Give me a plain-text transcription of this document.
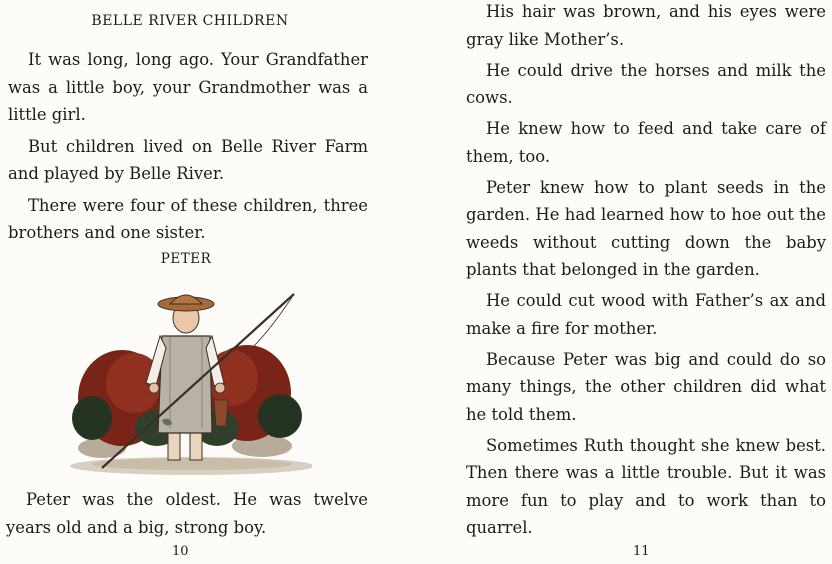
BELLE RIVER CHILDREN

It was long, long ago. Your Grandfather was a little boy, your Grandmother was a little girl.

But children lived on Belle River Farm and played by Belle River.

There were four of these children, three brothers and one sister.

PETER

Peter was the oldest. He was twelve years old and a big, strong boy.

10

His hair was brown, and his eyes were gray like Mother’s.

He could drive the horses and milk the cows.

He knew how to feed and take care of them, too.

Peter knew how to plant seeds in the garden. He had learned how to hoe out the weeds without cutting down the baby plants that belonged in the garden.

He could cut wood with Father’s ax and make a fire for mother.

Because Peter was big and could do so many things, the other children did what he told them.

Sometimes Ruth thought she knew best. Then there was a little trouble. But it was more fun to play and to work than to quarrel.

11
